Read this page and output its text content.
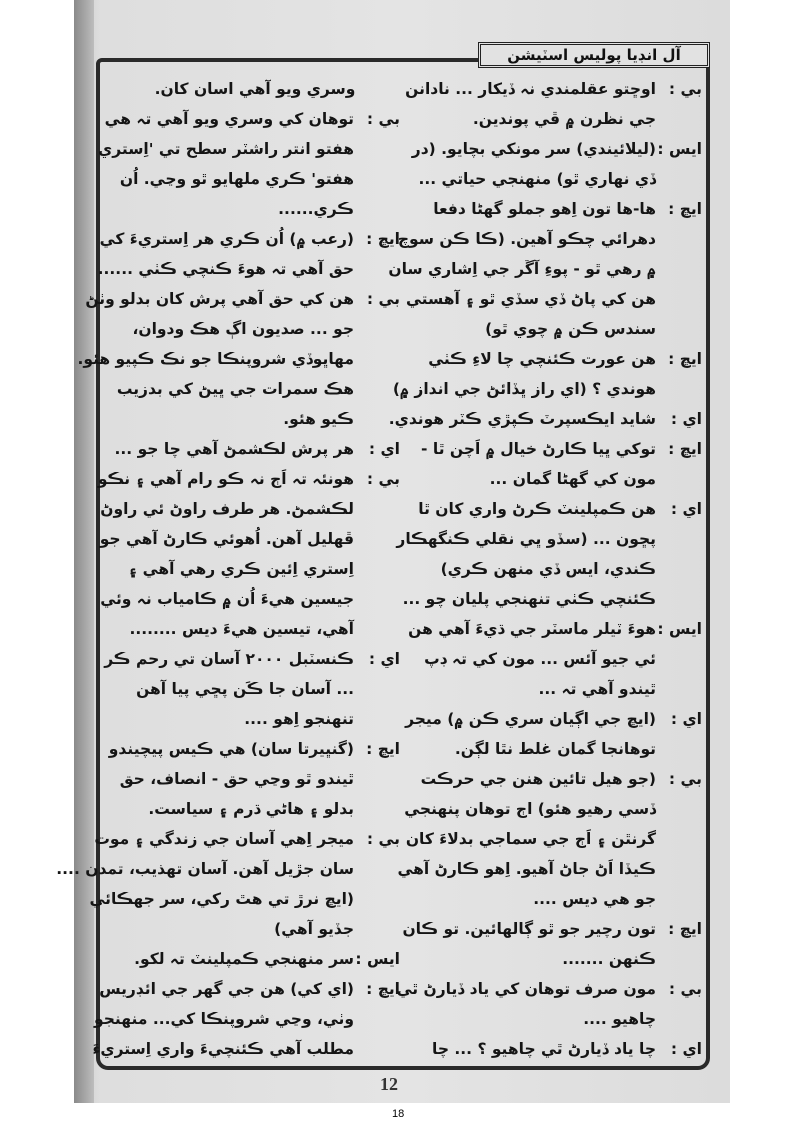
آل انڊيا پوليس اسٽيشن
بي :
اوڇتو عقلمندي نہ ڏيکار ... نادانن
جي نظرن ۾ ڦي پوندين.
ايس :
(ليلائيندي) سر مونکي بچايو. (در
ڏي نهاري ٿو) منهنجي حياتي ...
ايڇ :
ها-ها تون اِهو جملو گهڻا دفعا
دهرائي چڪو آهين. (ڪا ڪن سوچ
۾ رهي ٿو - پوءِ آڱر جي اِشاري سان
هن کي پاڻ ڏي سڏي ٿو ۽ آهستي
سندس ڪن ۾ چوي ٿو)
ايڇ :
هن عورت ڪئنچي چا لاءِ ڪٺي
هوندي ؟ (اي راز ڀڏائڻ جي انداز ۾)
اي :
شايد ايڪسپرٽ ڪپڙي ڪٽر هوندي.
ايڇ :
توکي ڀيا ڪارڻ خيال ۾ اَچن ٿا -
مون کي گهڻا گمان ...
اي :
هن ڪمپلينٽ ڪرڻ واري کان ٿا
پڇون ... (سڏو ڀي نقلي ڪنگهڪار
ڪندي، ايس ڏي منهن ڪري)
ڪئنچي ڪٺي تنهنجي پليان چو ...
ايس :
هوءَ ٽيلر ماسٽر جي ڌيءَ آهي هن
ئي جيو آئس ... مون کي تہ ڊپ
ٿيندو آهي تہ ...
اي :
(ايڇ جي اڳيان سري ڪن ۾) ميجر
توهانجا گمان غلط نٿا لڳن.
بي :
(جو هيل تائين هنن جي حرڪت
ڏسي رهيو هئو) اڄ توهان پنهنجي
گرنٿن ۽ اَڄ جي سماجي بدلاءَ کان
ڪيڏا اَڻ جاڻ آهيو. اِهو ڪارڻ آهي
جو هي ديس ....
ايڇ :
تون رچير جو ٿو ڳالهائين. تو ڪان
ڪنهن .......
بي :
مون صرف توهان کي ياد ڏيارڻ ٿي
چاهيو ....
اي :
چا ياد ڏيارڻ ٿي چاهيو ؟ ... چا
وسري ويو آهي اسان کان.
بي :
توهان کي وسري ويو آهي تہ هي
هفتو انتر راشٽر سطح تي 'اِستري
هفتو' ڪري ملهايو ٿو وڃي. اُن
ڪري......
ايڇ :
(رعب ۾) اُن ڪري هر اِستريءَ کي
حق آهي تہ هوءَ ڪنچي ڪٺي ......
بي :
هن کي حق آهي پرش کان بدلو وٺڻ
جو ... صديون اڳ هڪ ودوان،
مهاڀوڏي شروپنڪا جو نڪ ڪپيو هئو.
هڪ سمرات جي ڀيڻ کي بدزيب
ڪيو هئو.
اي :
هر پرش لڪشمڻ آهي چا جو ...
بي :
هونئہ تہ اَڄ نہ ڪو رام آهي ۽ نڪو
لڪشمڻ. هر طرف راوڻ ئي راوڻ
ڦهليل آهن. اُهوئي ڪارڻ آهي جو
اِستري اِئين ڪري رهي آهي ۽
جيسين هيءَ اُن ۾ ڪامياب نہ وئي
آهي، تيسين هيءَ ديس ........
اي :
ڪنسٽبل ٢٠٠٠ آسان تي رحم ڪر
... آسان جا ڪَن پڇي پيا آهن
تنهنجو اِهو ....
ايڇ :
(گنڀيرتا سان) هي ڪيس پيچيندو
ٿيندو ٿو وڃي حق - انصاف، حق
بدلو ۽ هاڻي ڌرم ۽ سياست.
بي :
ميجر اِهي آسان جي زندگي ۽ موت
سان جڙيل آهن. آسان تهذيب، تمدن ....
(ايڇ نرڙ تي هٿ رکي، سر جهڪائي
جڏيو آهي)
ايس :
سر منهنجي ڪمپلينٽ تہ لکو.
ايڇ :
(اي کي) هن جي گهر جي ائڊريس
وٺي، وڃي شروپنڪا کي... منهنجو
مطلب آهي ڪئنچيءَ واري اِستريءَ
12
18
